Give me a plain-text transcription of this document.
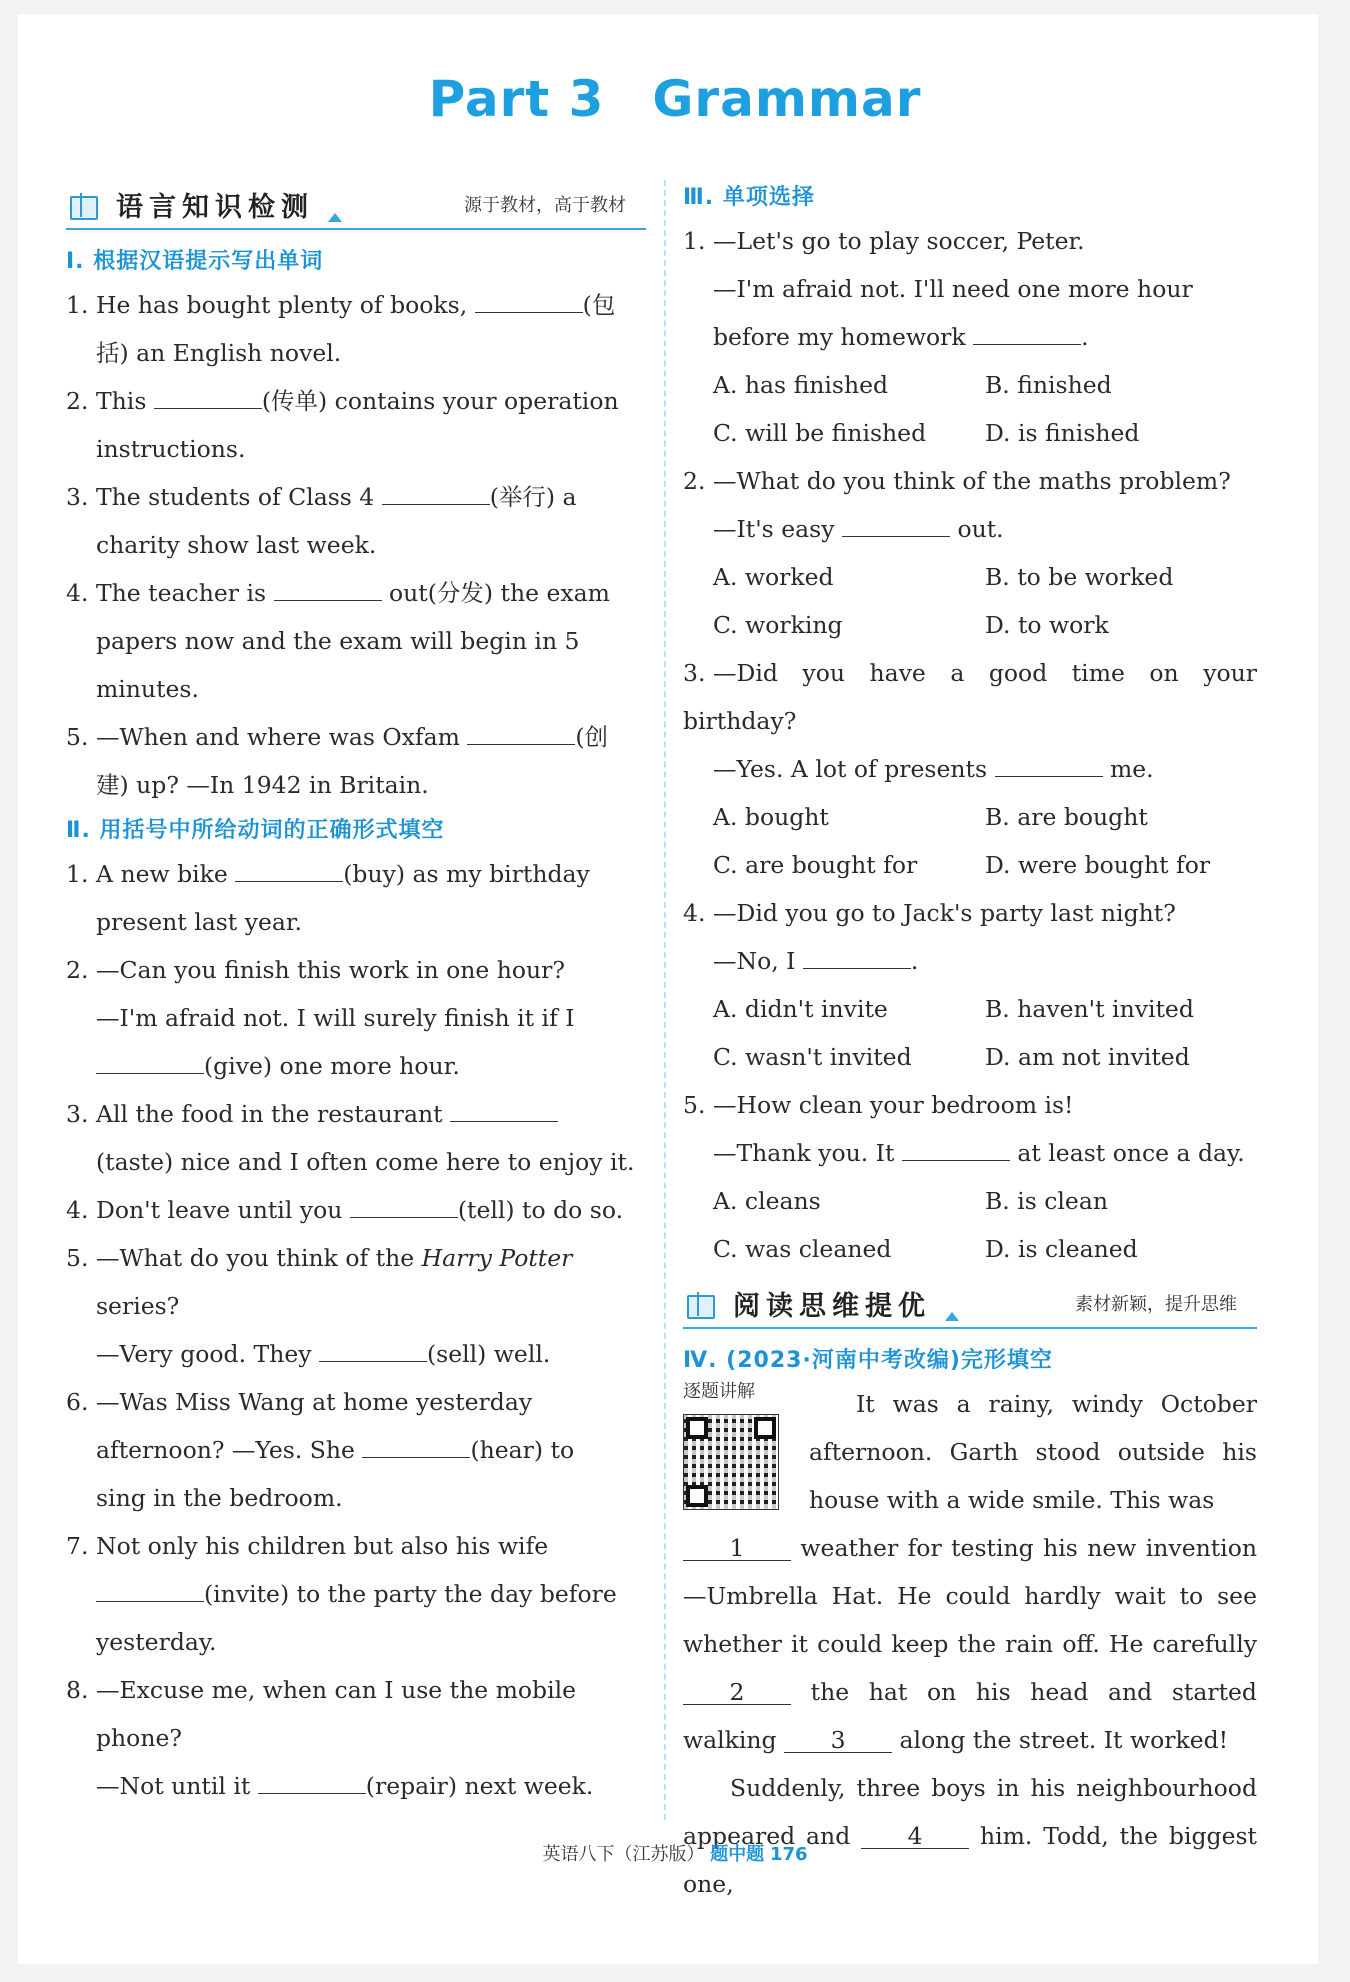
Part 3 Grammar
语言知识检测	源于教材，高于教材
Ⅰ. 根据汉语提示写出单词
1. He has bought plenty of books,	(包
括) an English novel.
2. This	(传单) contains your operation
instructions.
3. The students of Class 4	(举行) a
charity show last week.
4. The teacher is	out(分发) the exam
papers now and the exam will begin in 5
minutes.
5. —When and where was Oxfam	(创
建) up? —In 1942 in Britain.
Ⅱ. 用括号中所给动词的正确形式填空
1. A new bike	(buy) as my birthday
present last year.
2. —Can you finish this work in one hour?
—I'm afraid not. I will surely finish it if I
(give) one more hour.
3. All the food in the restaurant
(taste) nice and I often come here to enjoy it.
4. Don't leave until you	(tell) to do so.
5. —What do you think of the Harry Potter
series?
—Very good. They	(sell) well.
6. —Was Miss Wang at home yesterday
afternoon? —Yes. She	(hear) to
sing in the bedroom.
7. Not only his children but also his wife
(invite) to the party the day before
yesterday.
8. —Excuse me, when can I use the mobile
phone?
—Not until it	(repair) next week.
Ⅲ. 单项选择
1. —Let's go to play soccer, Peter.
—I'm afraid not. I'll need one more hour
before my homework	.
A. has finished	B. finished
C. will be finished	D. is finished
2. —What do you think of the maths problem?
—It's easy	out.
A. worked	B. to be worked
C. working	D. to work
3. —Did you have a good time on your birthday?
—Yes. A lot of presents	me.
A. bought	B. are bought
C. are bought for	D. were bought for
4. —Did you go to Jack's party last night?
—No, I	.
A. didn't invite	B. haven't invited
C. wasn't invited	D. am not invited
5. —How clean your bedroom is!
—Thank you. It	at least once a day.
A. cleans	B. is clean
C. was cleaned	D. is cleaned
阅读思维提优	素材新颖，提升思维
Ⅳ. (2023·河南中考改编)完形填空
逐题讲解	It was a rainy, windy October afternoon. Garth stood outside his house with a wide smile. This was
1 weather for testing his new invention—Umbrella Hat. He could hardly wait to see whether it could keep the rain off. He carefully 2	the hat on his head and started walking 3 along the street. It worked!
Suddenly, three boys in his neighbourhood appeared and 4 him. Todd, the biggest one,
英语八下（江苏版） 题中题 176
